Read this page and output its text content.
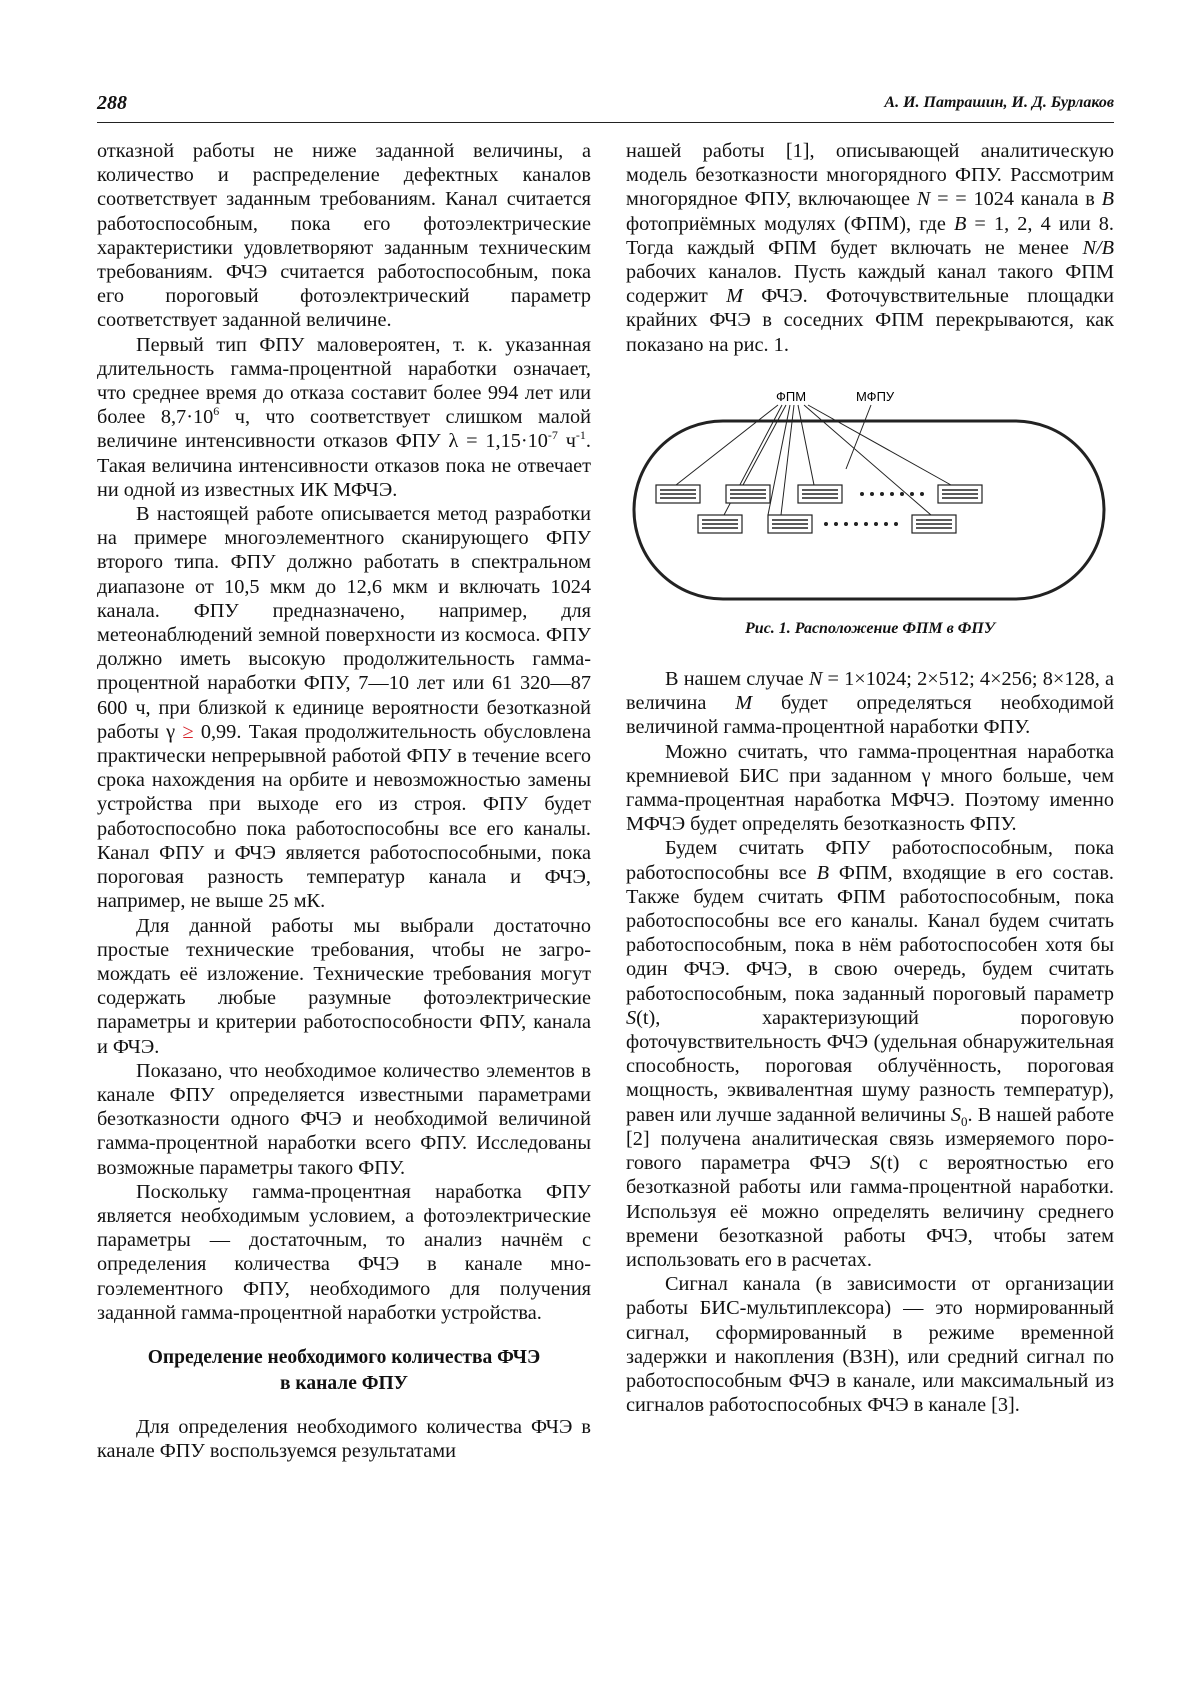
288	А. И. Патрашин, И. Д. Бурлаков

отказной работы не ниже заданной величины, а количество и распределение дефектных каналов соответствует заданным требованиям. Канал считается работоспособным, пока его фотоэлектрические характеристики удовлетворяют заданным техническим требованиям. ФЧЭ считается работоспособным, пока его пороговый фотоэлектрический параметр соответствует заданной величине.

Первый тип ФПУ маловероятен, т. к. указанная длительность гамма-процентной наработки означает, что среднее время до отказа составит более 994 лет или более $8,7\cdot 10^6$ ч, что соответствует слишком малой величине интенсивности отказов ФПУ $\lambda = 1,15\cdot 10^{-7}$ $ч^{-1}$. Такая величина интенсивности отказов пока не отвечает ни одной из известных ИК МФЧЭ.

В настоящей работе описывается метод разработки на примере многоэлементного сканирующего ФПУ второго типа. ФПУ должно работать в спектральном диапазоне от 10,5 мкм до 12,6 мкм и включать 1024 канала. ФПУ предназначено, например, для метеонаблюдений земной поверхности из космоса. ФПУ должно иметь высокую продолжительность гамма-процентной наработки ФПУ, 7—10 лет или 61 320—87 600 ч, при близкой к единице вероятности безотказной работы γ ≥ 0,99. Такая продолжительность обусловлена практически непрерывной работой ФПУ в течение всего срока нахождения на орбите и невозможностью замены устройства при выходе его из строя. ФПУ будет работоспособно пока работоспособны все его каналы. Канал ФПУ и ФЧЭ является работоспособными, пока пороговая разность температур канала и ФЧЭ, например, не выше 25 мК.

Для данной работы мы выбрали достаточно простые технические требования, чтобы не загромождать её изложение. Технические требования могут содержать любые разумные фотоэлектрические параметры и критерии работоспособности ФПУ, канала и ФЧЭ.

Показано, что необходимое количество элементов в канале ФПУ определяется известными параметрами безотказности одного ФЧЭ и необходимой величиной гамма-процентной наработки всего ФПУ. Исследованы возможные параметры такого ФПУ.

Поскольку гамма-процентная наработка ФПУ является необходимым условием, а фотоэлектрические параметры — достаточным, то анализ начнём с определения количества ФЧЭ в канале многоэлементного ФПУ, необходимого для получения заданной гамма-процентной наработки устройства.

Определение необходимого количества ФЧЭ
в канале ФПУ

Для определения необходимого количества ФЧЭ в канале ФПУ воспользуемся результатами

нашей работы [1], описывающей аналитическую модель безотказности многорядного ФПУ. Рассмотрим многорядное ФПУ, включающее N = = 1024 канала в B фотоприёмных модулях (ФПМ), где B = 1, 2, 4 или 8. Тогда каждый ФПМ будет включать не менее N/B рабочих каналов. Пусть каждый канал такого ФПМ содержит M ФЧЭ. Фоточувствительные площадки крайних ФЧЭ в соседних ФПМ перекрываются, как показано на рис. 1.

ФПМ	МФПУ
Рис. 1. Расположение ФПМ в ФПУ

В нашем случае N = 1×1024; 2×512; 4×256; 8×128, а величина M будет определяться необходимой величиной гамма-процентной наработки ФПУ.

Можно считать, что гамма-процентная наработка кремниевой БИС при заданном γ много больше, чем гамма-процентная наработка МФЧЭ. Поэтому именно МФЧЭ будет определять безотказность ФПУ.

Будем считать ФПУ работоспособным, пока работоспособны все B ФПМ, входящие в его состав. Также будем считать ФПМ работоспособным, пока работоспособны все его каналы. Канал будем считать работоспособным, пока в нём работоспособен хотя бы один ФЧЭ. ФЧЭ, в свою очередь, будем считать работоспособным, пока заданный пороговый параметр S(t), характеризующий пороговую фоточувствительность ФЧЭ (удельная обнаружительная способность, пороговая облучённость, пороговая мощность, эквивалентная шуму разность температур), равен или лучше заданной величины $S_0$. В нашей работе [2] получена аналитическая связь измеряемого порогового параметра ФЧЭ S(t) с вероятностью его безотказной работы или гамма-процентной наработки. Используя её можно определять величину среднего времени безотказной работы ФЧЭ, чтобы затем использовать его в расчетах.

Сигнал канала (в зависимости от организации работы БИС-мультиплексора) — это нормированный сигнал, сформированный в режиме временной задержки и накопления (ВЗН), или средний сигнал по работоспособным ФЧЭ в канале, или максимальный из сигналов работоспособных ФЧЭ в канале [3].
